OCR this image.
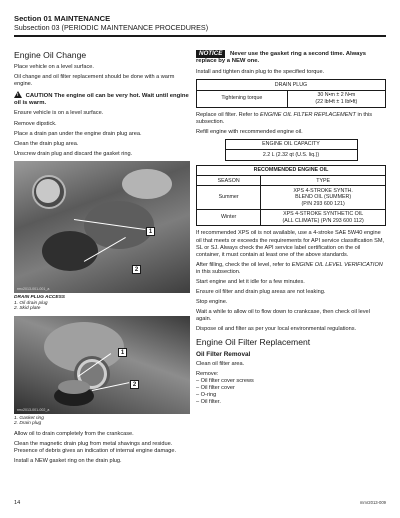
Section 01 MAINTENANCE
Subsection 03 (PERIODIC MAINTENANCE PROCEDURES)
Engine Oil Change

Place vehicle on a level surface.

Oil change and oil filter replacement should be done with a warm engine.

! CAUTION The engine oil can be very hot. Wait until engine oil is warm.

Ensure vehicle is on a level surface.

Remove dipstick.

Place a drain pan under the engine drain plug area.

Clean the drain plug area.

Unscrew drain plug and discard the gasket ring.

1
2
rmc2013-001-001_a
DRAIN PLUG ACCESS
1. Oil drain plug
2. Skid plate
1
2
rmc2013-001-002_a
1. Gasket ring
2. Drain plug

Allow oil to drain completely from the crankcase.

Clean the magnetic drain plug from metal shavings and residue. Presence of debris gives an indication of internal engine damage.

Install a NEW gasket ring on the drain plug.

NOTICE Never use the gasket ring a second time. Always replace by a NEW one.

Install and tighten drain plug to the specified torque.

DRAIN PLUG
Tightening torque	
30 N•m ± 2 N•m
(22 lbf•ft ± 1 lbf•ft)

Replace oil filter. Refer to ENGINE OIL FILTER REPLACEMENT in this subsection.

Refill engine with recommended engine oil.

ENGINE OIL CAPACITY
2.2 L (2.32 qt (U.S. liq.))
RECOMMENDED ENGINE OIL	
SEASON	TYPE
Summer	XPS 4-STROKE SYNTH.
BLEND OIL (SUMMER)
(P/N 293 600 121)

Winter	XPS 4-STROKE SYNTHETIC OIL
(ALL CLIMATE) (P/N 293 600 112)

If recommended XPS oil is not available, use a 4-stroke SAE 5W40 engine oil that meets or exceeds the requirements for API service classification SM, SL or SJ. Always check the API service label certification on the oil container, it must contain at least one of the above standards.

After filling, check the oil level, refer to ENGINE OIL LEVEL VERIFICATION in this subsection.

Start engine and let it idle for a few minutes.

Ensure oil filter and drain plug areas are not leaking.

Stop engine.

Wait a while to allow oil to flow down to crankcase, then check oil level again.

Dispose oil and filter as per your local environmental regulations.

Engine Oil Filter Replacement
Oil Filter Removal

Clean oil filter area.

Remove:

– Oil filter cover screws
– Oil filter cover
– O-ring
– Oil filter.
14	mmr2013-009
